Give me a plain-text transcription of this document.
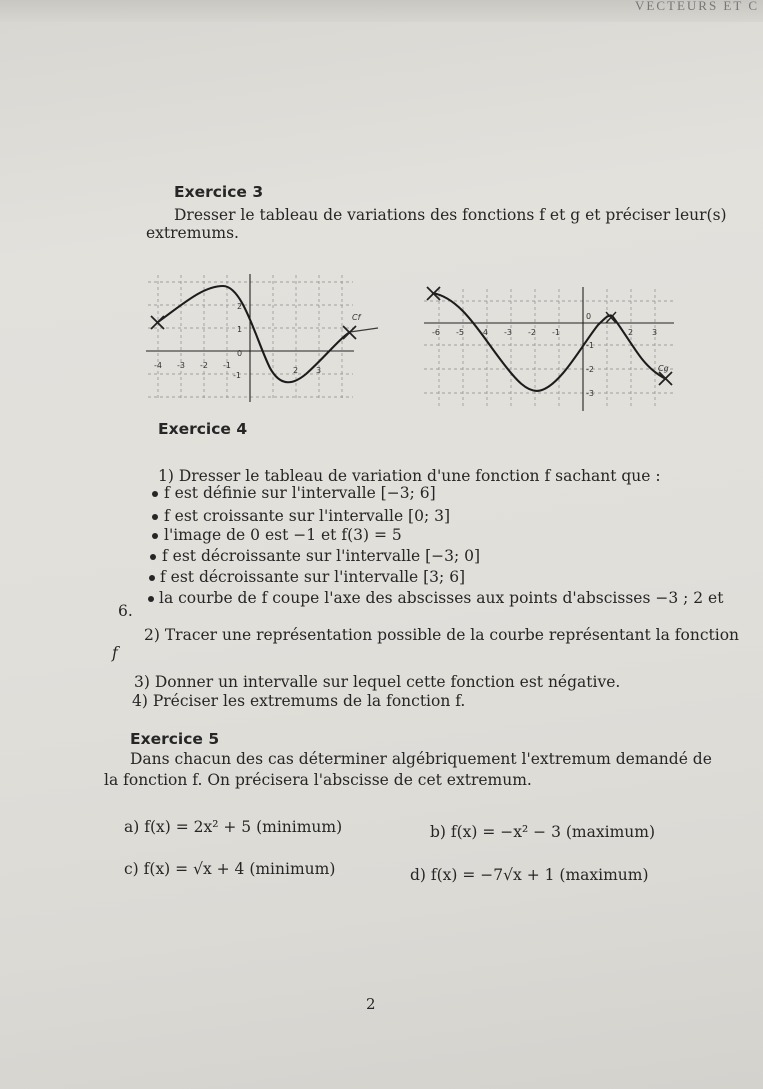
VECTEURS ET C
Exercice 3
Dresser le tableau de variations des fonctions f et g et préciser leur(s)
extremums.
Cf
-4 -3 -2 -1
2 3
2
1
0
-1
Cg
-6 -5 -4 -3 -2 -1	2 3
0
-1
-2
-3
Exercice 4
1) Dresser le tableau de variation d'une fonction f sachant que :
f est définie sur l'intervalle [−3; 6]
f est croissante sur l'intervalle [0; 3]
l'image de 0 est −1 et f(3) = 5
f est décroissante sur l'intervalle [−3; 0]
f est décroissante sur l'intervalle [3; 6]
la courbe de f coupe l'axe des abscisses aux points d'abscisses −3 ; 2 et
6.
2) Tracer une représentation possible de la courbe représentant la fonction
f
3) Donner un intervalle sur lequel cette fonction est négative.
4) Préciser les extremums de la fonction f.
Exercice 5
Dans chacun des cas déterminer algébriquement l'extremum demandé de
la fonction f. On précisera l'abscisse de cet extremum.
a) f(x) = 2x² + 5 (minimum)	b) f(x) = −x² − 3 (maximum)
c) f(x) = √x + 4 (minimum)	d) f(x) = −7√x + 1 (maximum)
2
